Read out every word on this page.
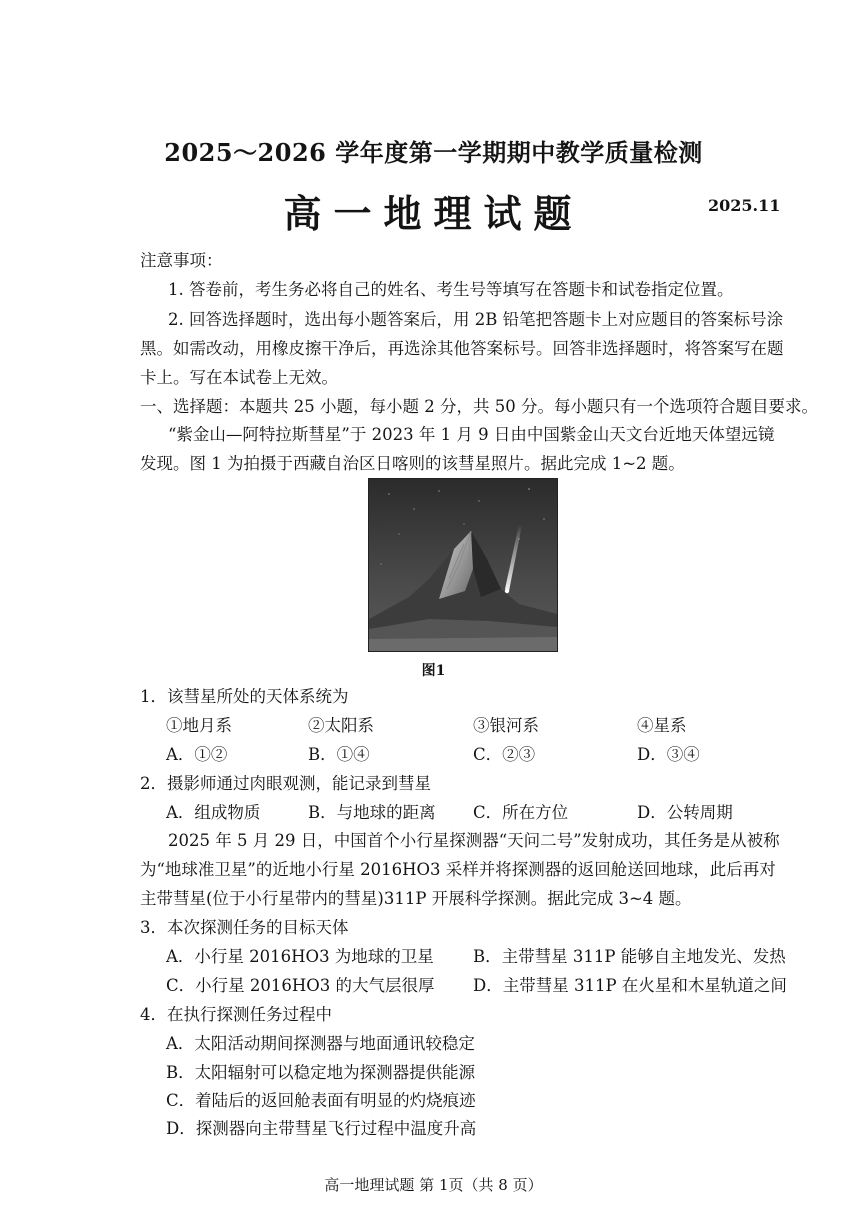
2025～2026 学年度第一学期期中教学质量检测
高一地理试题	2025.11
注意事项：
1. 答卷前，考生务必将自己的姓名、考生号等填写在答题卡和试卷指定位置。
2. 回答选择题时，选出每小题答案后，用 2B 铅笔把答题卡上对应题目的答案标号涂
黑。如需改动，用橡皮擦干净后，再选涂其他答案标号。回答非选择题时，将答案写在题
卡上。写在本试卷上无效。
一、选择题：本题共 25 小题，每小题 2 分，共 50 分。每小题只有一个选项符合题目要求。
“紫金山—阿特拉斯彗星”于 2023 年 1 月 9 日由中国紫金山天文台近地天体望远镜
发现。图 1 为拍摄于西藏自治区日喀则的该彗星照片。据此完成 1~2 题。
图1
1．该彗星所处的天体系统为
①地月系	②太阳系	③银河系	④星系
A．①②	B．①④	C．②③	D．③④
2．摄影师通过肉眼观测，能记录到彗星
A．组成物质	B．与地球的距离 C．所在方位	D．公转周期
2025 年 5 月 29 日，中国首个小行星探测器“天问二号”发射成功，其任务是从被称
为“地球准卫星”的近地小行星 2016HO3 采样并将探测器的返回舱送回地球，此后再对
主带彗星(位于小行星带内的彗星)311P 开展科学探测。据此完成 3~4 题。
3．本次探测任务的目标天体
A．小行星 2016HO3 为地球的卫星 B．主带彗星 311P 能够自主地发光、发热
C．小行星 2016HO3 的大气层很厚 D．主带彗星 311P 在火星和木星轨道之间
4．在执行探测任务过程中
A．太阳活动期间探测器与地面通讯较稳定
B．太阳辐射可以稳定地为探测器提供能源
C．着陆后的返回舱表面有明显的灼烧痕迹
D．探测器向主带彗星飞行过程中温度升高
高一地理试题 第 1页（共 8 页）
